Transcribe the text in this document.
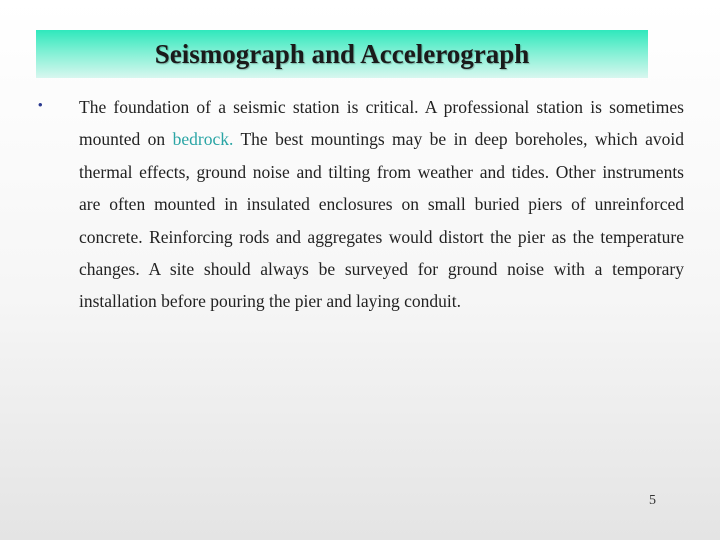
Seismograph and Accelerograph
• The foundation of a seismic station is critical. A professional station is sometimes mounted on bedrock. The best mountings may be in deep boreholes, which avoid thermal effects, ground noise and tilting from weather and tides. Other instruments are often mounted in insulated enclosures on small buried piers of unreinforced concrete. Reinforcing rods and aggregates would distort the pier as the temperature changes. A site should always be surveyed for ground noise with a temporary installation before pouring the pier and laying conduit.

5
